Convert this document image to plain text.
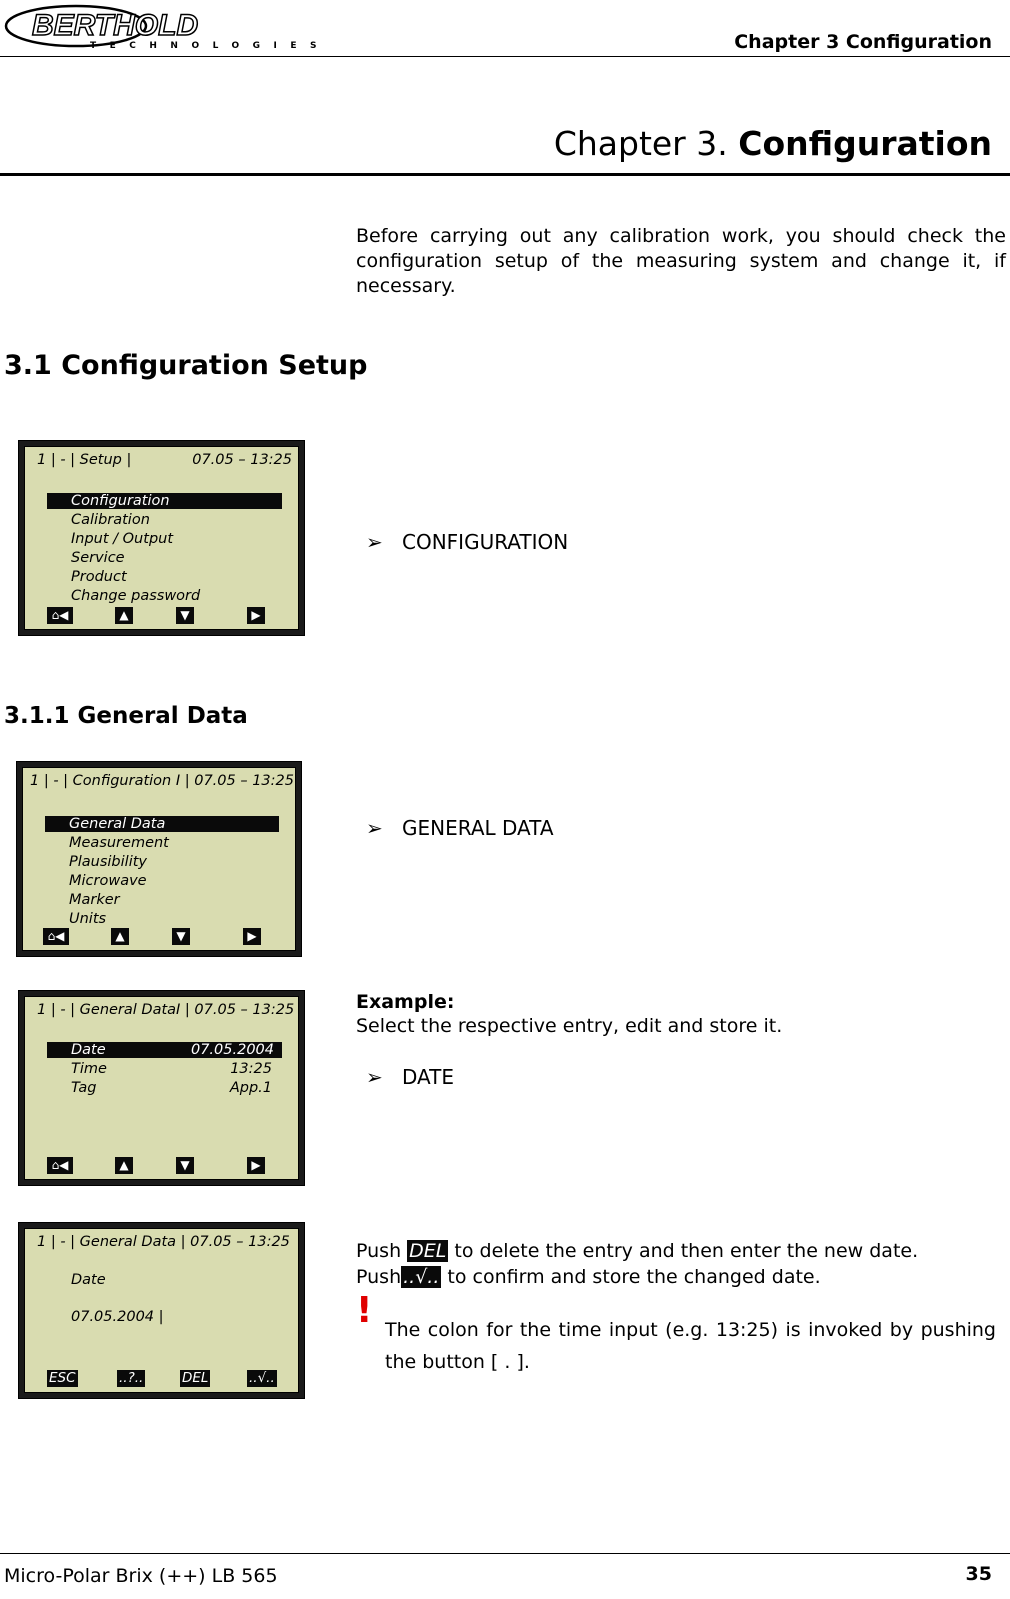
BERTHOLD
TECHNOLOGIES	Chapter 3 Configuration
Chapter 3. Configuration
Before carrying out any calibration work, you should check the configuration setup of the measuring system and change it, if necessary.
3.1 Configuration Setup
1 | - | Setup |	07.05 – 13:25
Configuration
Calibration
Input / Output
Service
Product
Change password
⌂◀	▲	▼	▶
➢ CONFIGURATION
3.1.1 General Data
1 | - | Configuration I | 07.05 – 13:25
General Data
Measurement
Plausibility
Microwave
Marker
Units
⌂◀	▲	▼	▶
➢ GENERAL DATA
1 | - | General DataI | 07.05 – 13:25
Date	07.05.2004
Time	13:25
Tag	App.1
⌂◀	▲	▼	▶
Example:
Select the respective entry, edit and store it.
➢ DATE
1 | - | General Data | 07.05 – 13:25
Date
07.05.2004 |
ESC	..?..	DEL	..√..
Push DEL to delete the entry and then enter the new date.
Push ..√.. to confirm and store the changed date.
! The colon for the time input (e.g. 13:25) is invoked by pushing the button [ . ].
Micro-Polar Brix (++) LB 565	35
